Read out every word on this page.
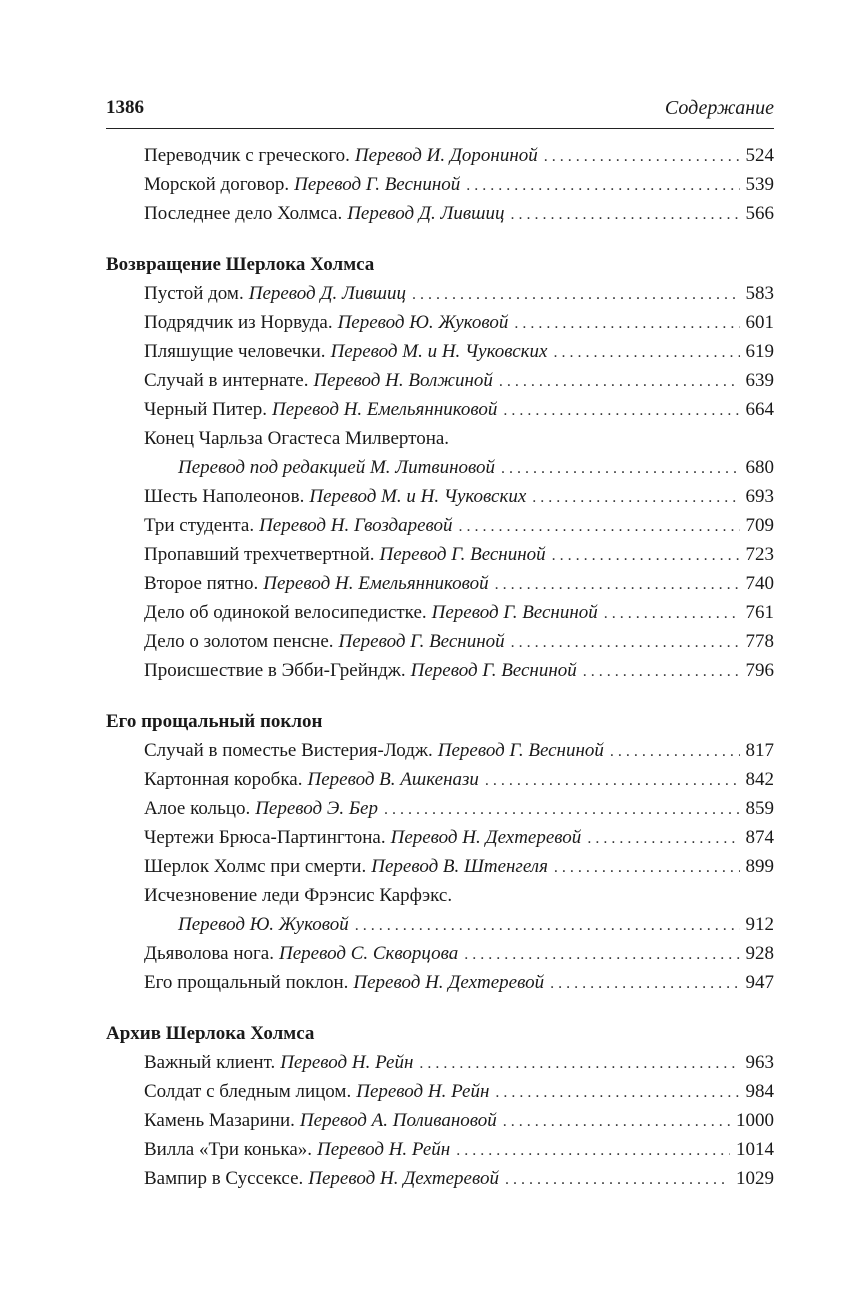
1386	Содержание
Переводчик с греческого. Перевод И. Дорониной . . .	524
Морской договор. Перевод Г. Весниной . . .	539
Последнее дело Холмса. Перевод Д. Лившиц . . .	566
Возвращение Шерлока Холмса
Пустой дом. Перевод Д. Лившиц . . .	583
Подрядчик из Норвуда. Перевод Ю. Жуковой . . .	601
Пляшущие человечки. Перевод М. и Н. Чуковских . . .	619
Случай в интернате. Перевод Н. Волжиной . . .	639
Черный Питер. Перевод Н. Емельянниковой . . .	664
Конец Чарльза Огастеса Милвертона.
Перевод под редакцией М. Литвиновой . . .	680
Шесть Наполеонов. Перевод М. и Н. Чуковских . . .	693
Три студента. Перевод Н. Гвоздаревой . . .	709
Пропавший трехчетвертной. Перевод Г. Весниной . . .	723
Второе пятно. Перевод Н. Емельянниковой . . .	740
Дело об одинокой велосипедистке. Перевод Г. Весниной . . .	761
Дело о золотом пенсне. Перевод Г. Весниной . . .	778
Происшествие в Эбби-Грейндж. Перевод Г. Весниной . . .	796
Его прощальный поклон
Случай в поместье Вистерия-Лодж. Перевод Г. Весниной . . .	817
Картонная коробка. Перевод В. Ашкенази . . .	842
Алое кольцо. Перевод Э. Бер . . .	859
Чертежи Брюса-Партингтона. Перевод Н. Дехтеревой . . .	874
Шерлок Холмс при смерти. Перевод В. Штенгеля . . .	899
Исчезновение леди Фрэнсис Карфэкс.
Перевод Ю. Жуковой . . .	912
Дьяволова нога. Перевод С. Скворцова . . .	928
Его прощальный поклон. Перевод Н. Дехтеревой . . .	947
Архив Шерлока Холмса
Важный клиент. Перевод Н. Рейн . . .	963
Солдат с бледным лицом. Перевод Н. Рейн . . .	984
Камень Мазарини. Перевод А. Поливановой . . .	1000
Вилла «Три конька». Перевод Н. Рейн . . .	1014
Вампир в Суссексе. Перевод Н. Дехтеревой . . .	1029
